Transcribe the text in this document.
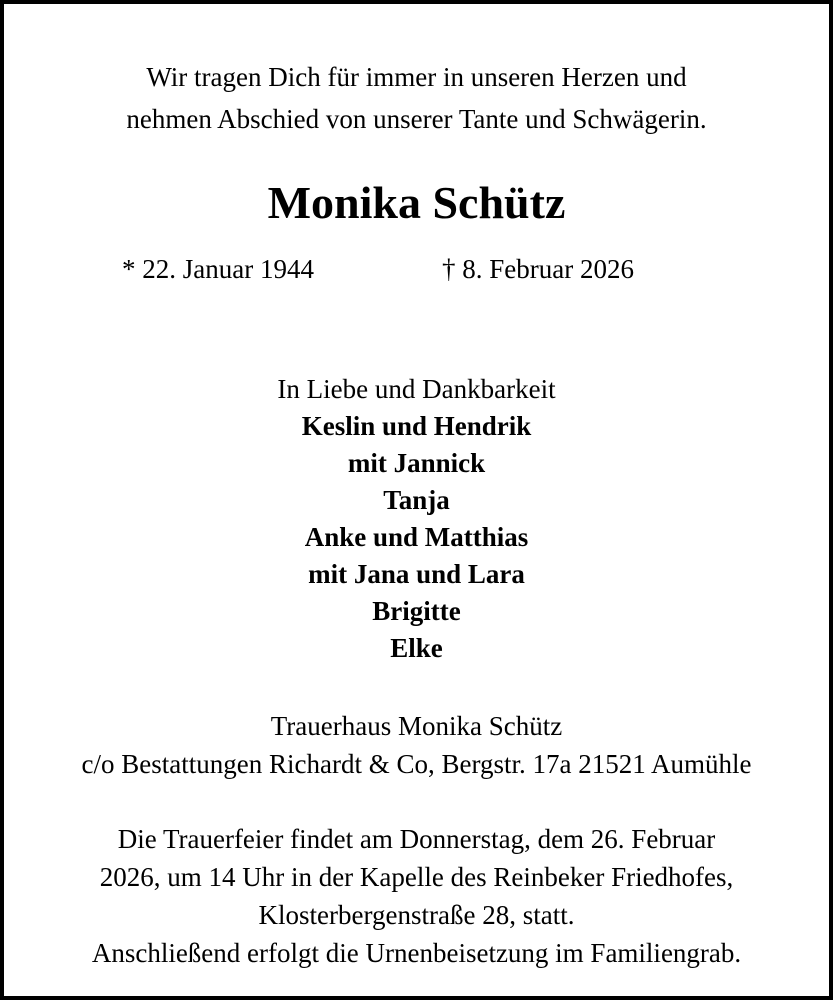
Wir tragen Dich für immer in unseren Herzen und
nehmen Abschied von unserer Tante und Schwägerin.
Monika Schütz
* 22. Januar 1944	† 8. Februar 2026
In Liebe und Dankbarkeit
Keslin und Hendrik
mit Jannick
Tanja
Anke und Matthias
mit Jana und Lara
Brigitte
Elke
Trauerhaus Monika Schütz
c/o Bestattungen Richardt & Co, Bergstr. 17a 21521 Aumühle
Die Trauerfeier findet am Donnerstag, dem 26. Februar
2026, um 14 Uhr in der Kapelle des Reinbeker Friedhofes,
Klosterbergenstraße 28, statt.
Anschließend erfolgt die Urnenbeisetzung im Familiengrab.
